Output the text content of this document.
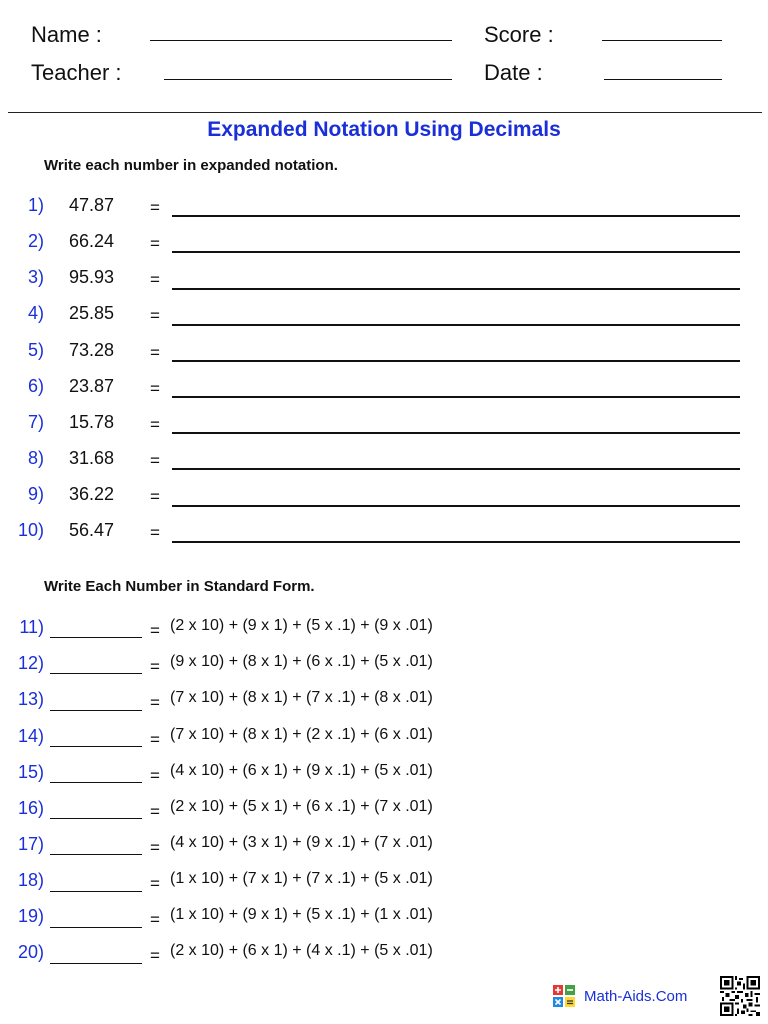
Name :	Score :
Teacher :	Date :
Expanded Notation Using Decimals
Write each number in expanded notation.
1) 47.87 =
2) 66.24 =
3) 95.93 =
4) 25.85 =
5) 73.28 =
6) 23.87 =
7) 15.78 =
8) 31.68 =
9) 36.22 =
10) 56.47 =
Write Each Number in Standard Form.
11)	= (2 x 10) + (9 x 1) + (5 x .1) + (9 x .01)
12)	= (9 x 10) + (8 x 1) + (6 x .1) + (5 x .01)
13)	= (7 x 10) + (8 x 1) + (7 x .1) + (8 x .01)
14)	= (7 x 10) + (8 x 1) + (2 x .1) + (6 x .01)
15)	= (4 x 10) + (6 x 1) + (9 x .1) + (5 x .01)
16)	= (2 x 10) + (5 x 1) + (6 x .1) + (7 x .01)
17)	= (4 x 10) + (3 x 1) + (9 x .1) + (7 x .01)
18)	= (1 x 10) + (7 x 1) + (7 x .1) + (5 x .01)
19)	= (1 x 10) + (9 x 1) + (5 x .1) + (1 x .01)
20)	= (2 x 10) + (6 x 1) + (4 x .1) + (5 x .01)
Math-Aids.Com
